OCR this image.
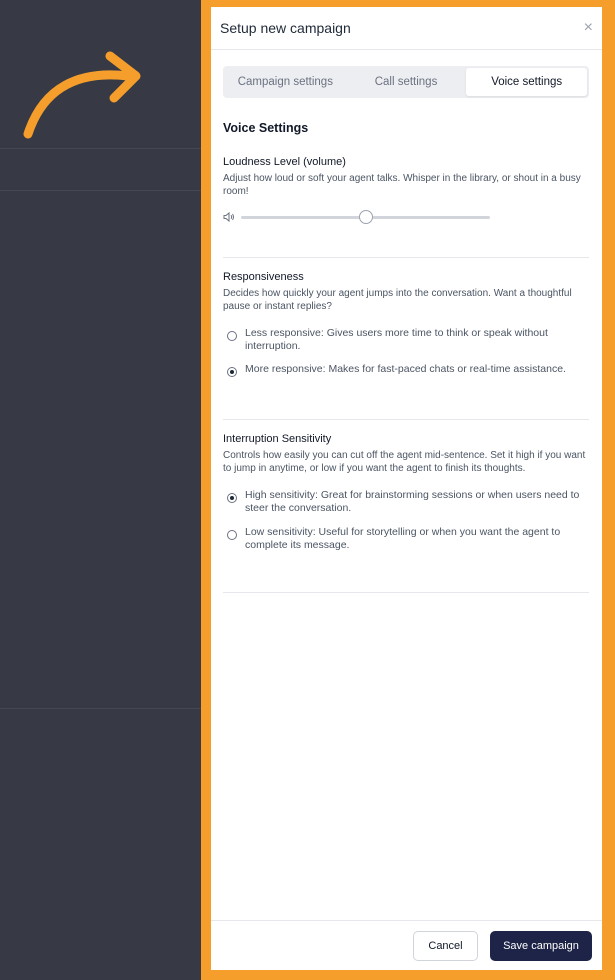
Setup new campaign	×
Campaign settings	Call settings	Voice settings
Voice Settings
Loudness Level (volume)
Adjust how loud or soft your agent talks. Whisper in the library, or shout in a busy room!
Responsiveness
Decides how quickly your agent jumps into the conversation. Want a thoughtful pause or instant replies?
Less responsive: Gives users more time to think or speak without interruption.
More responsive: Makes for fast-paced chats or real-time assistance.
Interruption Sensitivity
Controls how easily you can cut off the agent mid-sentence. Set it high if you want to jump in anytime, or low if you want the agent to finish its thoughts.
High sensitivity: Great for brainstorming sessions or when users need to steer the conversation.
Low sensitivity: Useful for storytelling or when you want the agent to complete its message.
Cancel	Save campaign
